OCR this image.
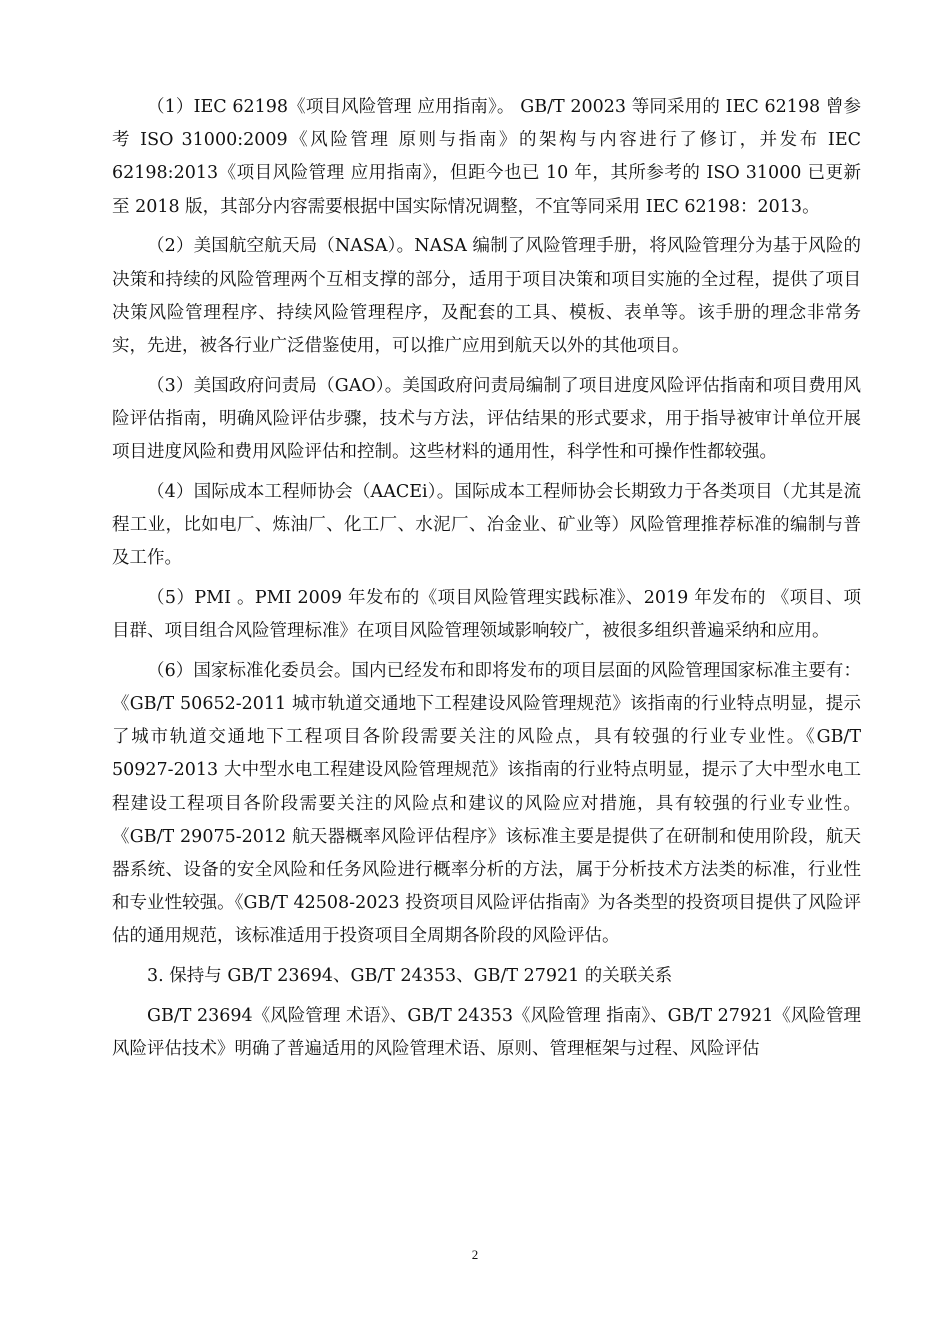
（1）IEC 62198《项目风险管理 应用指南》。 GB/T 20023 等同采用的 IEC 62198 曾参考 ISO 31000:2009《风险管理 原则与指南》的架构与内容进行了修订，并发布 IEC 62198:2013《项目风险管理 应用指南》，但距今也已 10 年，其所参考的 ISO 31000 已更新至 2018 版，其部分内容需要根据中国实际情况调整，不宜等同采用 IEC 62198：2013。

（2）美国航空航天局（NASA）。NASA 编制了风险管理手册，将风险管理分为基于风险的决策和持续的风险管理两个互相支撑的部分，适用于项目决策和项目实施的全过程，提供了项目决策风险管理程序、持续风险管理程序，及配套的工具、模板、表单等。该手册的理念非常务实，先进，被各行业广泛借鉴使用，可以推广应用到航天以外的其他项目。

（3）美国政府问责局（GAO）。美国政府问责局编制了项目进度风险评估指南和项目费用风险评估指南，明确风险评估步骤，技术与方法，评估结果的形式要求，用于指导被审计单位开展项目进度风险和费用风险评估和控制。这些材料的通用性，科学性和可操作性都较强。

（4）国际成本工程师协会（AACEi）。国际成本工程师协会长期致力于各类项目（尤其是流程工业，比如电厂、炼油厂、化工厂、水泥厂、冶金业、矿业等）风险管理推荐标准的编制与普及工作。

（5）PMI 。PMI 2009 年发布的《项目风险管理实践标准》、2019 年发布的 《项目、项目群、项目组合风险管理标准》在项目风险管理领域影响较广，被很多组织普遍采纳和应用。

（6）国家标准化委员会。国内已经发布和即将发布的项目层面的风险管理国家标准主要有：《GB/T 50652-2011 城市轨道交通地下工程建设风险管理规范》该指南的行业特点明显，提示了城市轨道交通地下工程项目各阶段需要关注的风险点，具有较强的行业专业性。《GB/T 50927-2013 大中型水电工程建设风险管理规范》该指南的行业特点明显，提示了大中型水电工程建设工程项目各阶段需要关注的风险点和建议的风险应对措施，具有较强的行业专业性。《GB/T 29075-2012 航天器概率风险评估程序》该标准主要是提供了在研制和使用阶段，航天器系统、设备的安全风险和任务风险进行概率分析的方法，属于分析技术方法类的标准，行业性和专业性较强。《GB/T 42508-2023 投资项目风险评估指南》为各类型的投资项目提供了风险评估的通用规范，该标准适用于投资项目全周期各阶段的风险评估。

3. 保持与 GB/T 23694、GB/T 24353、GB/T 27921 的关联关系

GB/T 23694《风险管理 术语》、GB/T 24353《风险管理 指南》、GB/T 27921《风险管理 风险评估技术》明确了普遍适用的风险管理术语、原则、管理框架与过程、风险评估

2
